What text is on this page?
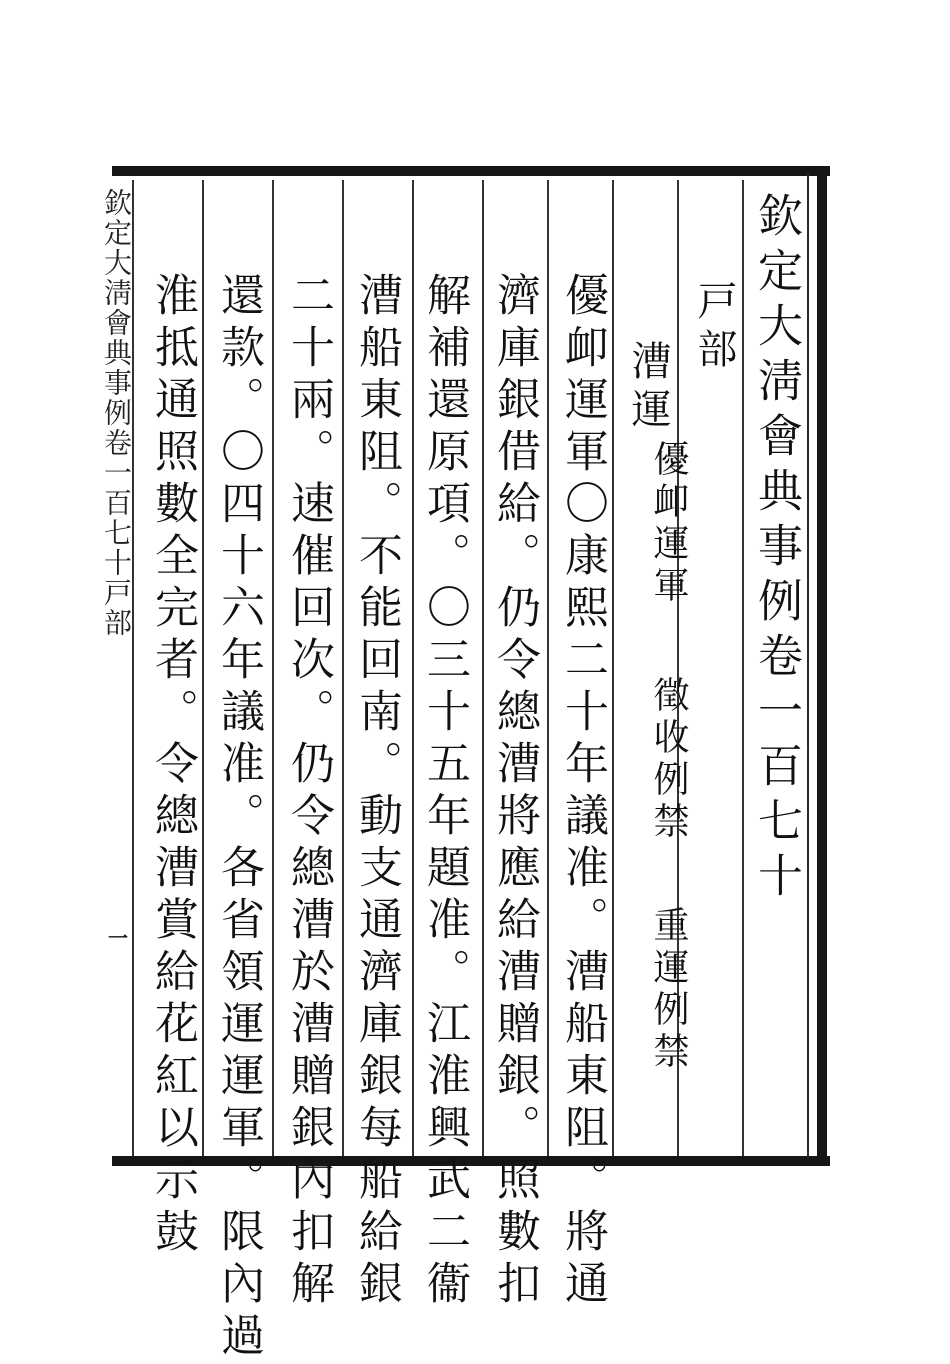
欽定大淸會典事例卷一百七十
戸部
漕運
優卹運軍
徵收例禁
重運例禁
優卹運軍〇康熙二十年議准。漕船東阻。將通
濟庫銀借給。仍令總漕將應給漕贈銀。照數扣
解補還原項。〇三十五年題准。江淮興武二衞
漕船東阻。不能回南。動支通濟庫銀每船給銀
二十兩。速催回次。仍令總漕於漕贈銀內扣解
還款。〇四十六年議准。各省領運運軍。限內過
淮抵通照數全完者。令總漕賞給花紅以示鼓
欽定大淸會典事例卷一百七十戸部
一
